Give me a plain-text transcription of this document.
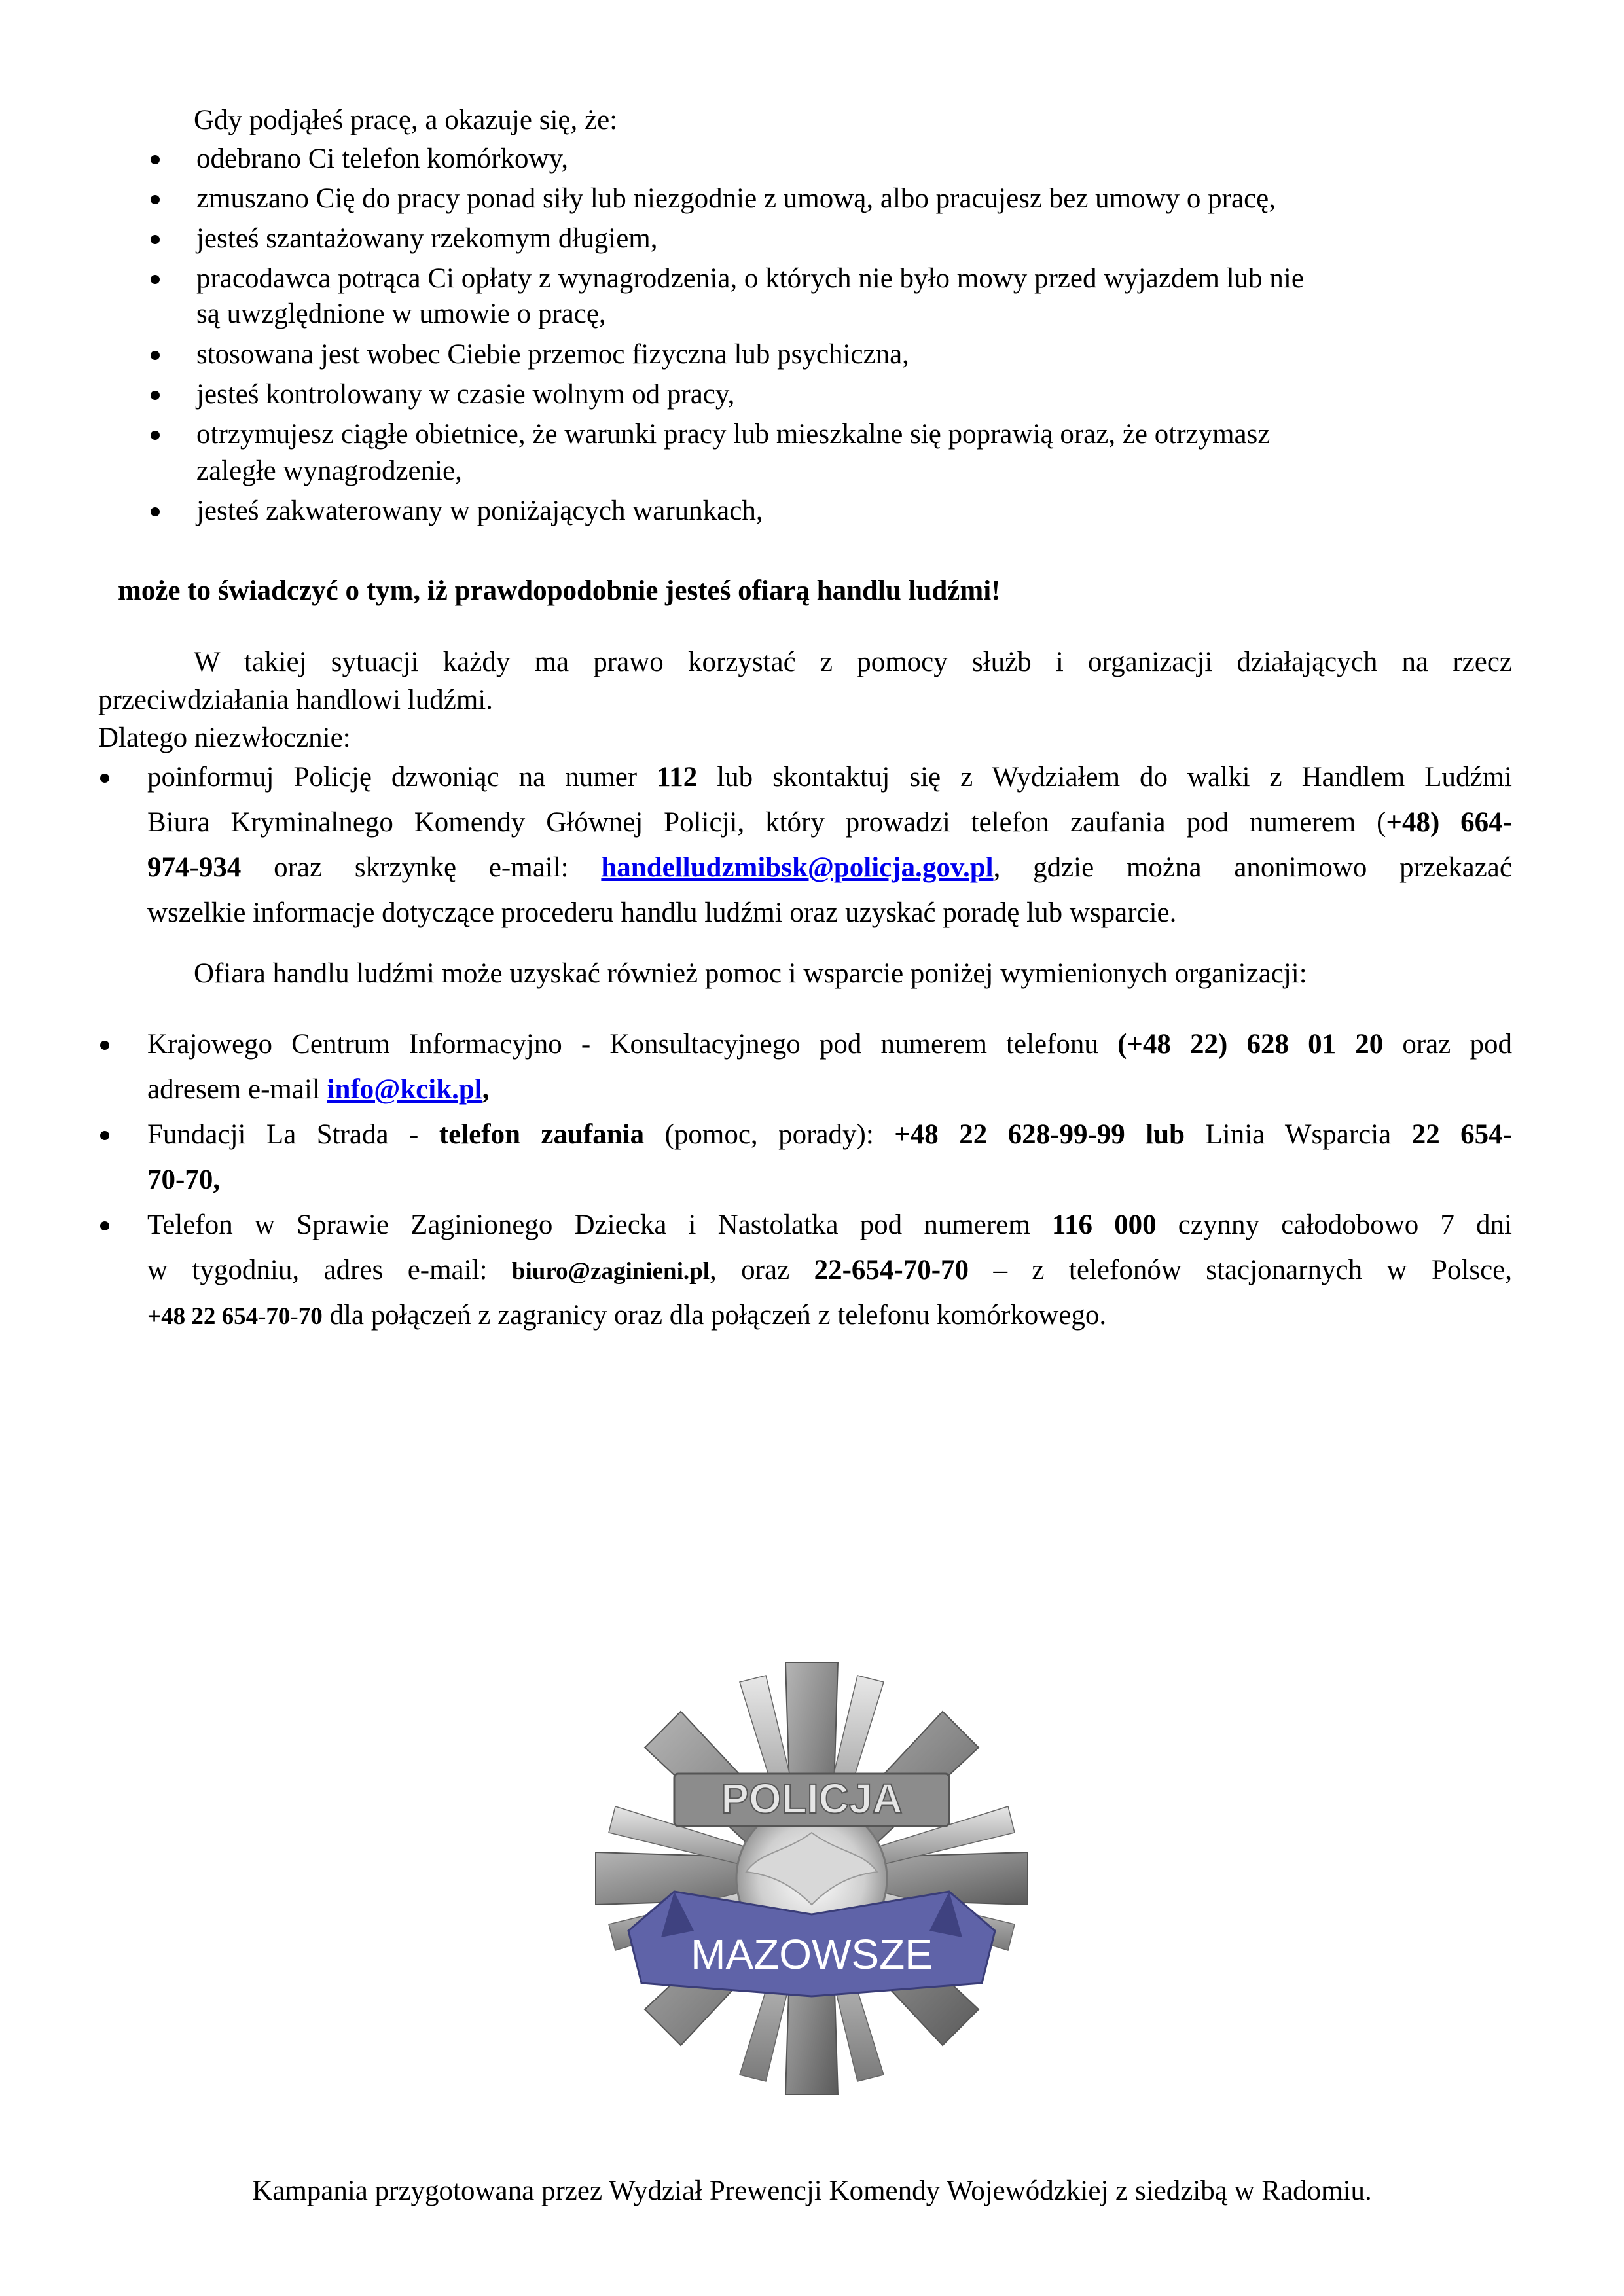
Gdy podjąłeś pracę, a okazuje się, że:
odebrano Ci telefon komórkowy,
zmuszano Cię do pracy ponad siły lub niezgodnie z umową, albo pracujesz bez umowy o pracę,
jesteś szantażowany rzekomym długiem,
pracodawca potrąca Ci opłaty z wynagrodzenia, o których nie było mowy przed wyjazdem lub nie
są uwzględnione w umowie o pracę,
stosowana jest wobec Ciebie przemoc fizyczna lub psychiczna,
jesteś kontrolowany w czasie wolnym od pracy,
otrzymujesz ciągłe obietnice, że warunki pracy lub mieszkalne się poprawią oraz, że otrzymasz
zaległe wynagrodzenie,
jesteś zakwaterowany w poniżających warunkach,
może to świadczyć o tym, iż prawdopodobnie jesteś ofiarą handlu ludźmi!
W takiej sytuacji każdy ma prawo korzystać z pomocy służb i organizacji działających na rzecz
przeciwdziałania handlowi ludźmi.
Dlatego niezwłocznie:
poinformuj Policję dzwoniąc na numer 112 lub skontaktuj się z Wydziałem do walki z Handlem Ludźmi
Biura Kryminalnego Komendy Głównej Policji, który prowadzi telefon zaufania pod numerem (+48) 664-
974-934 oraz skrzynkę e-mail: handelludzmibsk@policja.gov.pl, gdzie można anonimowo przekazać
wszelkie informacje dotyczące procederu handlu ludźmi oraz uzyskać poradę lub wsparcie.
Ofiara handlu ludźmi może uzyskać również pomoc i wsparcie poniżej wymienionych organizacji:
Krajowego Centrum Informacyjno - Konsultacyjnego pod numerem telefonu (+48 22) 628 01 20 oraz pod
adresem e-mail info@kcik.pl,
Fundacji La Strada - telefon zaufania (pomoc, porady): +48 22 628-99-99 lub Linia Wsparcia 22 654-
70-70,
Telefon w Sprawie Zaginionego Dziecka i Nastolatka pod numerem 116 000 czynny całodobowo 7 dni
w tygodniu, adres e-mail: biuro@zaginieni.pl, oraz 22-654-70-70 – z telefonów stacjonarnych w Polsce,
+48 22 654-70-70 dla połączeń z zagranicy oraz dla połączeń z telefonu komórkowego.
POLICJA
MAZOWSZE
Kampania przygotowana przez Wydział Prewencji Komendy Wojewódzkiej z siedzibą w Radomiu.
